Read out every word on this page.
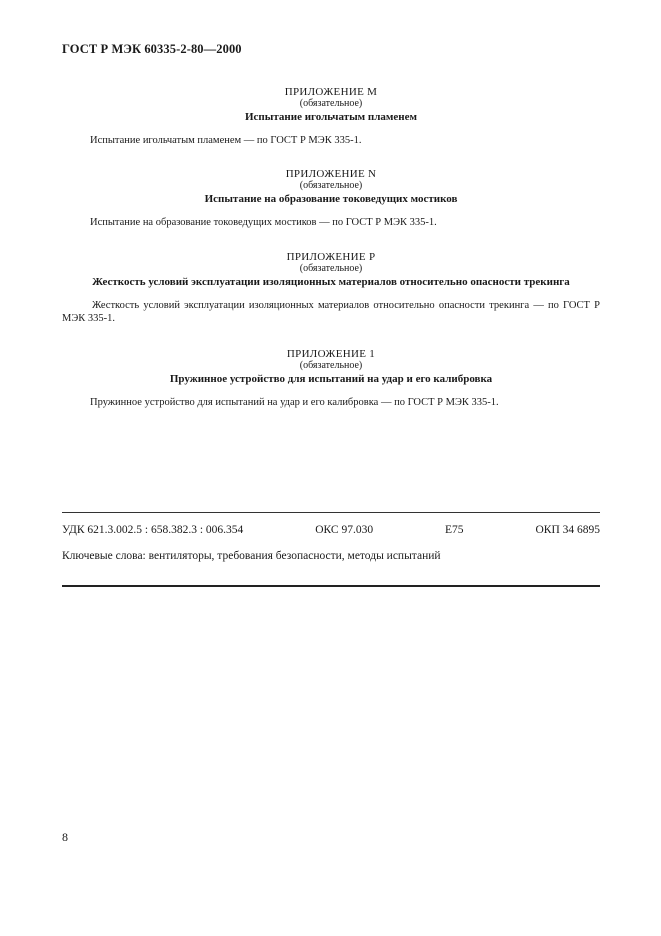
ГОСТ Р МЭК 60335-2-80—2000
ПРИЛОЖЕНИЕ M
(обязательное)
Испытание игольчатым пламенем
Испытание игольчатым пламенем — по ГОСТ Р МЭК 335-1.
ПРИЛОЖЕНИЕ N
(обязательное)
Испытание на образование токоведущих мостиков
Испытание на образование токоведущих мостиков — по ГОСТ Р МЭК 335-1.
ПРИЛОЖЕНИЕ P
(обязательное)
Жесткость условий эксплуатации изоляционных материалов относительно опасности трекинга
Жесткость условий эксплуатации изоляционных материалов относительно опасности трекинга — по ГОСТ Р МЭК 335-1.
ПРИЛОЖЕНИЕ 1
(обязательное)
Пружинное устройство для испытаний на удар и его калибровка
Пружинное устройство для испытаний на удар и его калибровка — по ГОСТ Р МЭК 335-1.
УДК 621.3.002.5 : 658.382.3 : 006.354	ОКС 97.030	E75	ОКП 34 6895
Ключевые слова: вентиляторы, требования безопасности, методы испытаний
8
